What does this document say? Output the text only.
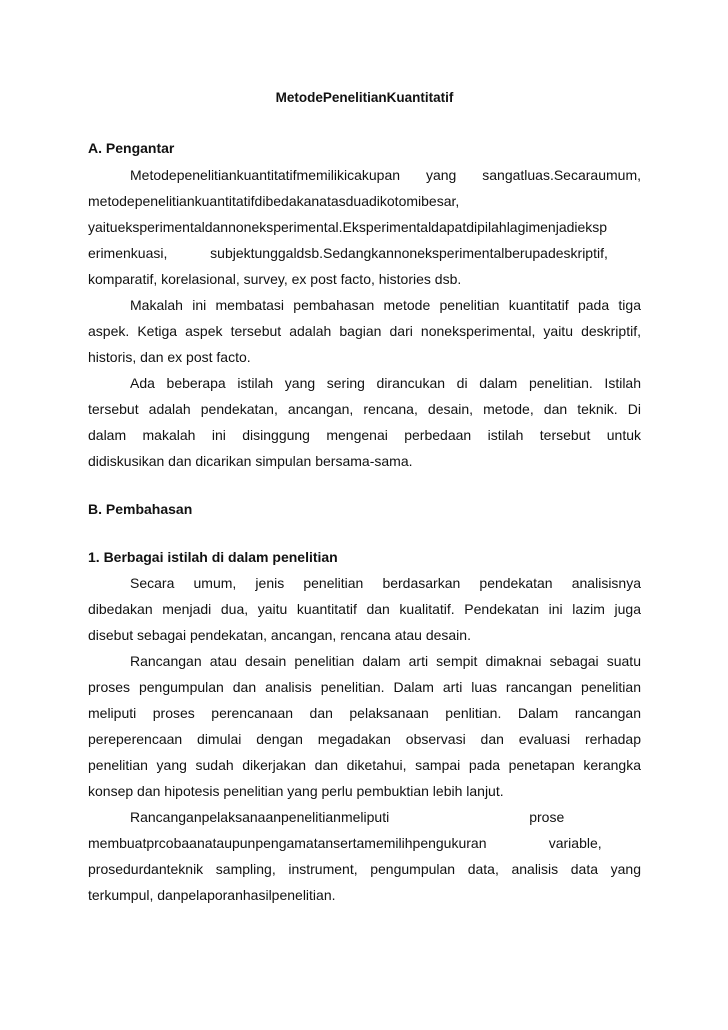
MetodePenelitianKuantitatif
A. Pengantar
Metodepenelitiankuantitatifmemilikicakupan yang sangatluas.Secaraumum,
metodepenelitiankuantitatifdibedakanatasduadikotomibesar,
yaitueksperimentaldannoneksperimental.Eksperimentaldapatdipilahlagimenjadieksp
erimenkuasi,           subjektunggaldsb.Sedangkannoneksperimentalberupadeskriptif,
komparatif, korelasional, survey, ex post facto, histories dsb.
Makalah ini membatasi pembahasan metode penelitian kuantitatif pada tiga
aspek. Ketiga aspek tersebut adalah bagian dari noneksperimental, yaitu deskriptif,
historis, dan ex post facto.
Ada beberapa istilah yang sering dirancukan di dalam penelitian. Istilah
tersebut adalah pendekatan, ancangan, rencana, desain, metode, dan teknik. Di
dalam makalah ini disinggung mengenai perbedaan istilah tersebut untuk
didiskusikan dan dicarikan simpulan bersama-sama.
B. Pembahasan
1. Berbagai istilah di dalam penelitian
Secara umum, jenis penelitian berdasarkan pendekatan analisisnya
dibedakan menjadi dua, yaitu kuantitatif dan kualitatif. Pendekatan ini lazim juga
disebut sebagai pendekatan, ancangan, rencana atau desain.
Rancangan atau desain penelitian dalam arti sempit dimaknai sebagai suatu
proses pengumpulan dan analisis penelitian. Dalam arti luas rancangan penelitian
meliputi proses perencanaan dan pelaksanaan penlitian. Dalam rancangan
pereperencaan dimulai dengan megadakan observasi dan evaluasi rerhadap
penelitian yang sudah dikerjakan dan diketahui, sampai pada penetapan kerangka
konsep dan hipotesis penelitian yang perlu pembuktian lebih lanjut.
Rancanganpelaksanaanpenelitianmeliputi                                    prose
membuatprcobaanataupunpengamatansertamemilihpengukuran                variable,
prosedurdanteknik sampling, instrument, pengumpulan data, analisis data yang
terkumpul, danpelaporanhasilpenelitian.
